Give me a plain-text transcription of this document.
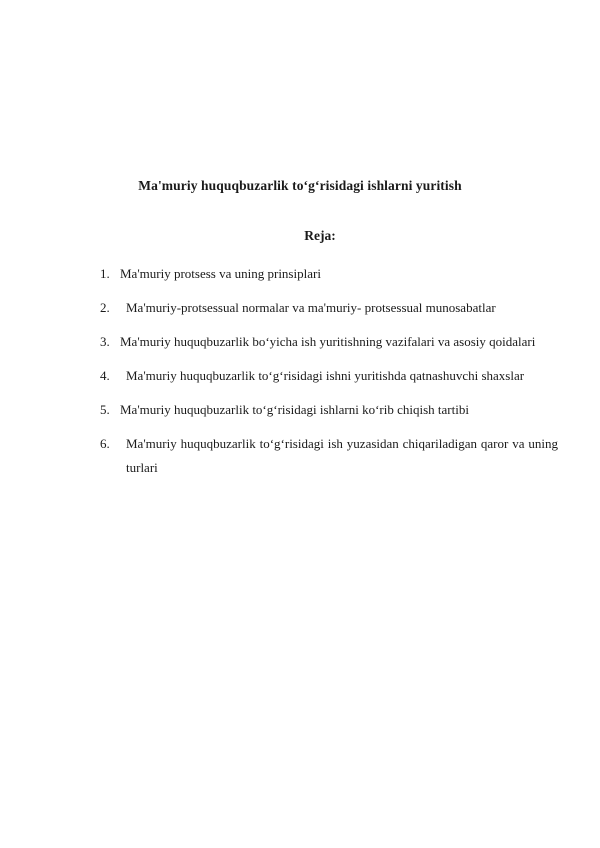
Ma'muriy huquqbuzarlik to‘g‘risidagi ishlarni yuritish
Reja:
1. Ma'muriy protsess va uning prinsiplari
2.	Ma'muriy-protsessual normalar va ma'muriy- protsessual munosabatlar
3. Ma'muriy huquqbuzarlik bo‘yicha ish yuritishning vazifalari va asosiy qoidalari
4.	Ma'muriy huquqbuzarlik to‘g‘risidagi ishni yuritishda qatnashuvchi shaxslar
5. Ma'muriy huquqbuzarlik to‘g‘risidagi ishlarni ko‘rib chiqish tartibi
6.	Ma'muriy huquqbuzarlik to‘g‘risidagi ish yuzasidan chiqariladigan qaror va uning turlari
